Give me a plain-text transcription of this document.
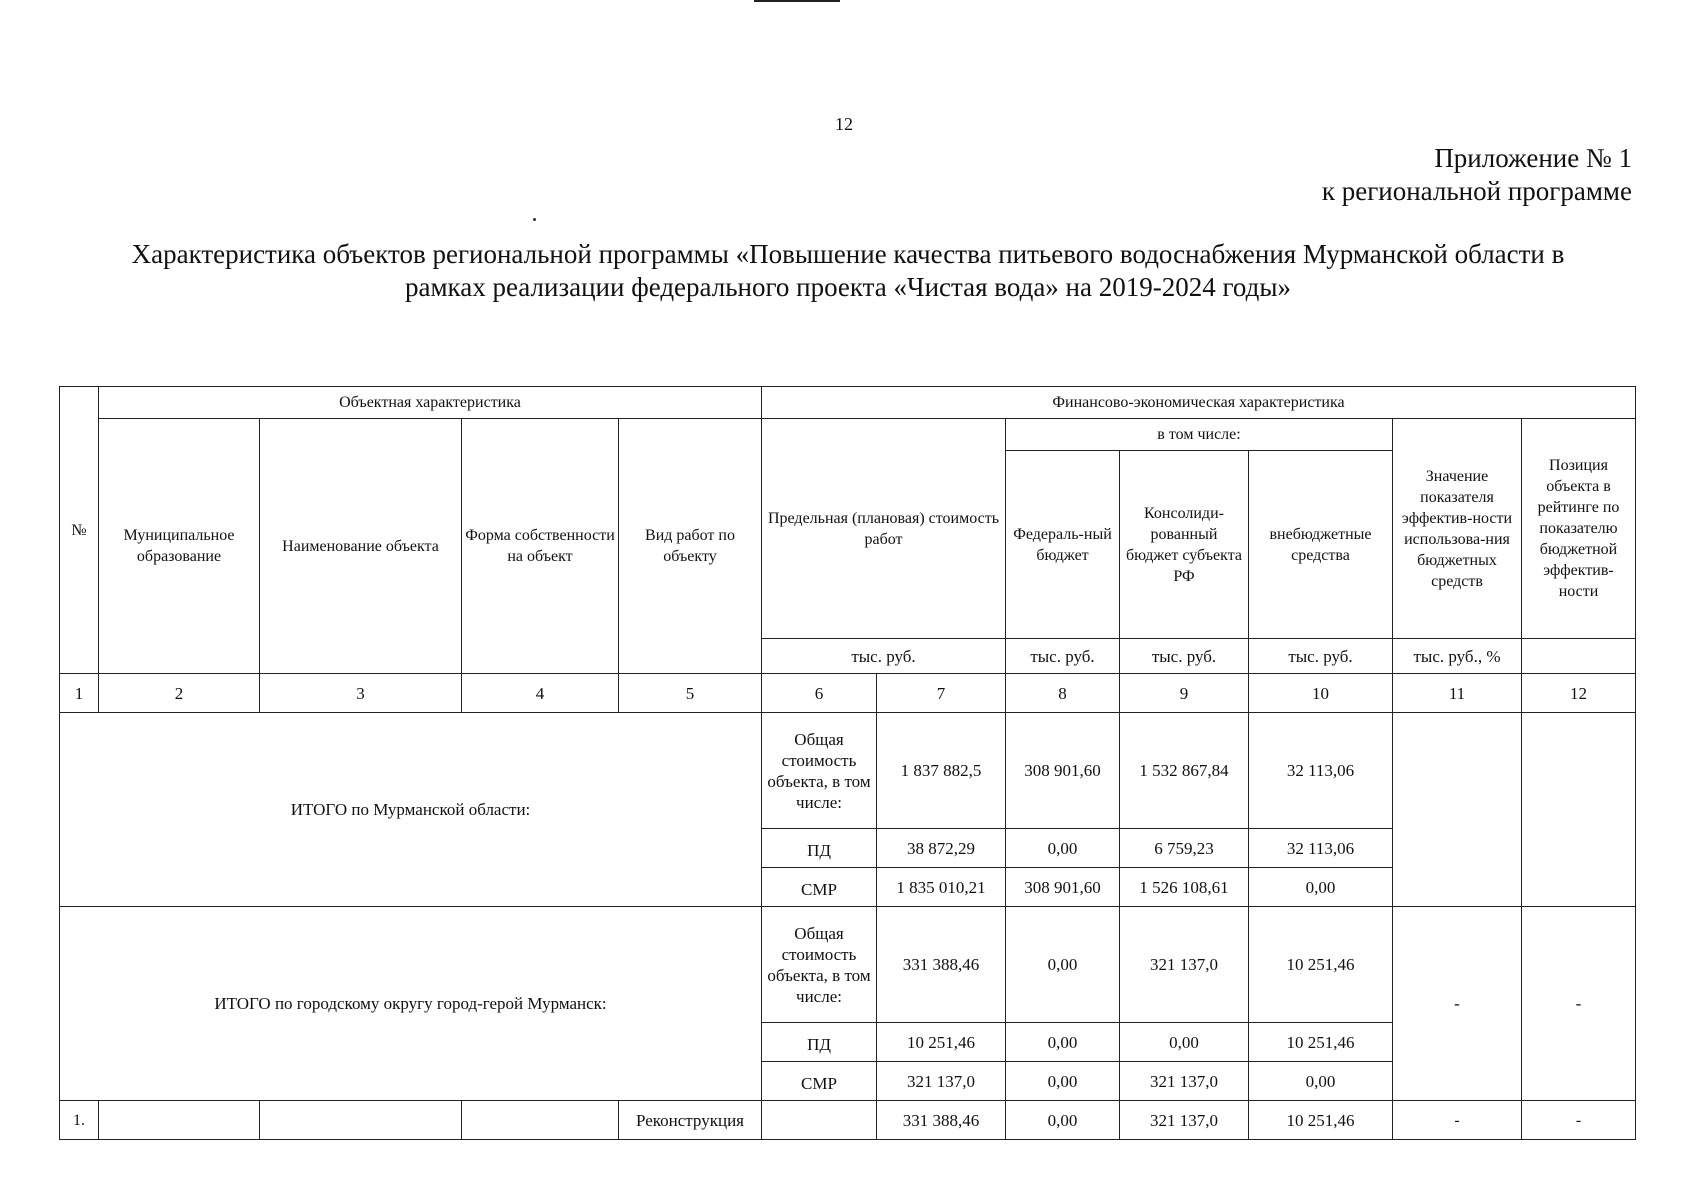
12
Приложение № 1
к региональной программе
Характеристика объектов региональной программы «Повышение качества питьевого водоснабжения Мурманской области в
рамках реализации федерального проекта «Чистая вода» на 2019-2024 годы»
№	Объектная характеристика				Финансово-экономическая характеристика						
	Муниципальное образование	Наименование объекта	Форма собственности на объект	Вид работ по объекту	Предельная (плановая) стоимость работ		в том числе:			Значение показателя эффектив-ности использова-ния бюджетных средств	Позиция объекта в рейтинге по показателю бюджетной эффектив-ности
							Федераль-ный бюджет	Консолиди-рованный бюджет субъекта РФ	внебюджетные средства		
					тыс. руб.		тыс. руб.	тыс. руб.	тыс. руб.	тыс. руб., %	
1	2	3	4	5	6	7	8	9	10	11	12
ИТОГО по Мурманской области:					Общая стоимость объекта, в том числе:	1 837 882,5	308 901,60	1 532 867,84	32 113,06		
					ПД	38 872,29	0,00	6 759,23	32 113,06		
					СМР	1 835 010,21	308 901,60	1 526 108,61	0,00		
ИТОГО по городскому округу город-герой Мурманск:					Общая стоимость объекта, в том числе:	331 388,46	0,00	321 137,0	10 251,46	-	-
					ПД	10 251,46	0,00	0,00	10 251,46		
					СМР	321 137,0	0,00	321 137,0	0,00		
1.				Реконструкция		331 388,46	0,00	321 137,0	10 251,46	-	-
